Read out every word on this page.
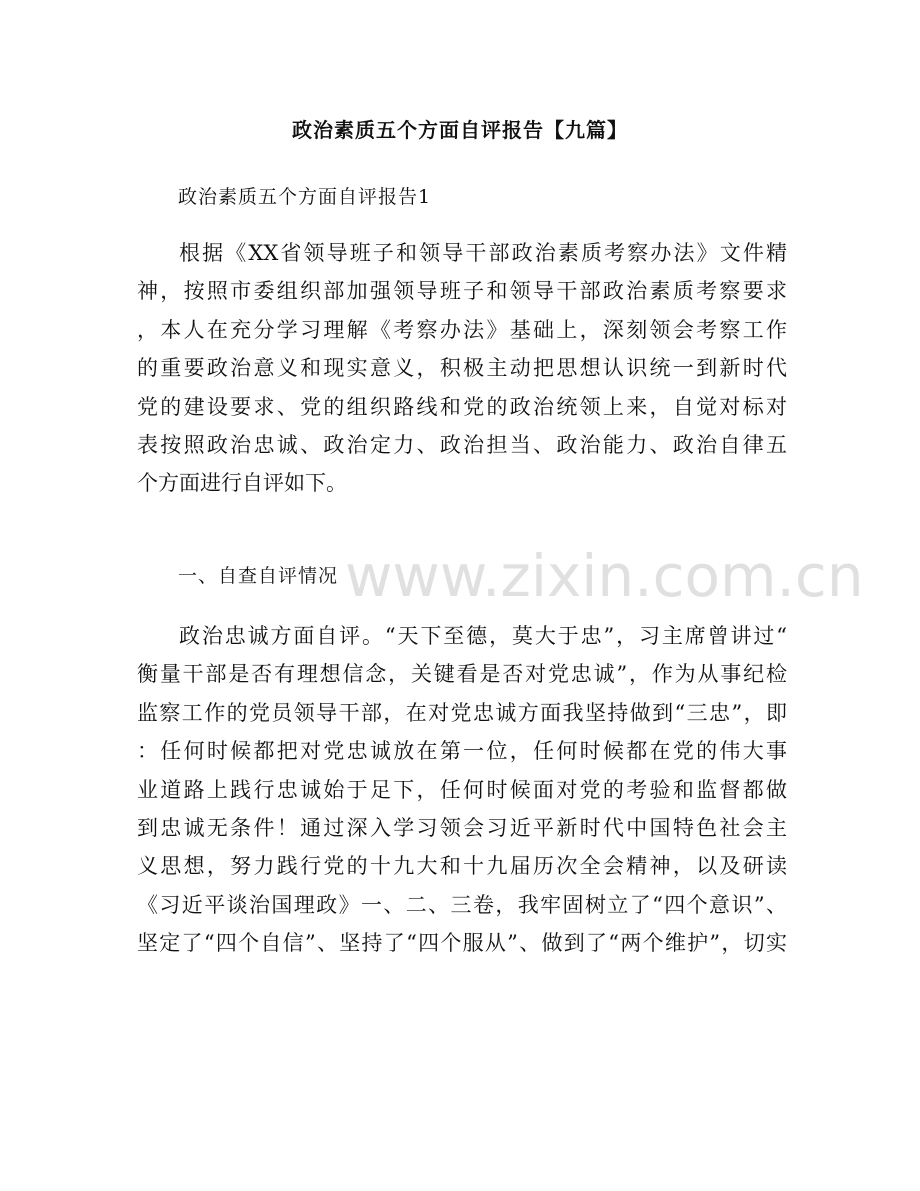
政治素质五个方面自评报告【九篇】

政治素质五个方面自评报告1

根据《XX省领导班子和领导干部政治素质考察办法》文件精
神，按照市委组织部加强领导班子和领导干部政治素质考察要求
，本人在充分学习理解《考察办法》基础上，深刻领会考察工作
的重要政治意义和现实意义，积极主动把思想认识统一到新时代
党的建设要求、党的组织路线和党的政治统领上来，自觉对标对
表按照政治忠诚、政治定力、政治担当、政治能力、政治自律五
个方面进行自评如下。

一、自查自评情况 www.zixin.com.cn
政治忠诚方面自评。“天下至德，莫大于忠”，习主席曾讲过“
衡量干部是否有理想信念，关键看是否对党忠诚”，作为从事纪检
监察工作的党员领导干部，在对党忠诚方面我坚持做到“三忠”，即
：任何时候都把对党忠诚放在第一位，任何时候都在党的伟大事
业道路上践行忠诚始于足下，任何时候面对党的考验和监督都做
到忠诚无条件！通过深入学习领会习近平新时代中国特色社会主
义思想，努力践行党的十九大和十九届历次全会精神，以及研读
《习近平谈治国理政》一、二、三卷，我牢固树立了“四个意识”、
坚定了“四个自信”、坚持了“四个服从”、做到了“两个维护”，切实
